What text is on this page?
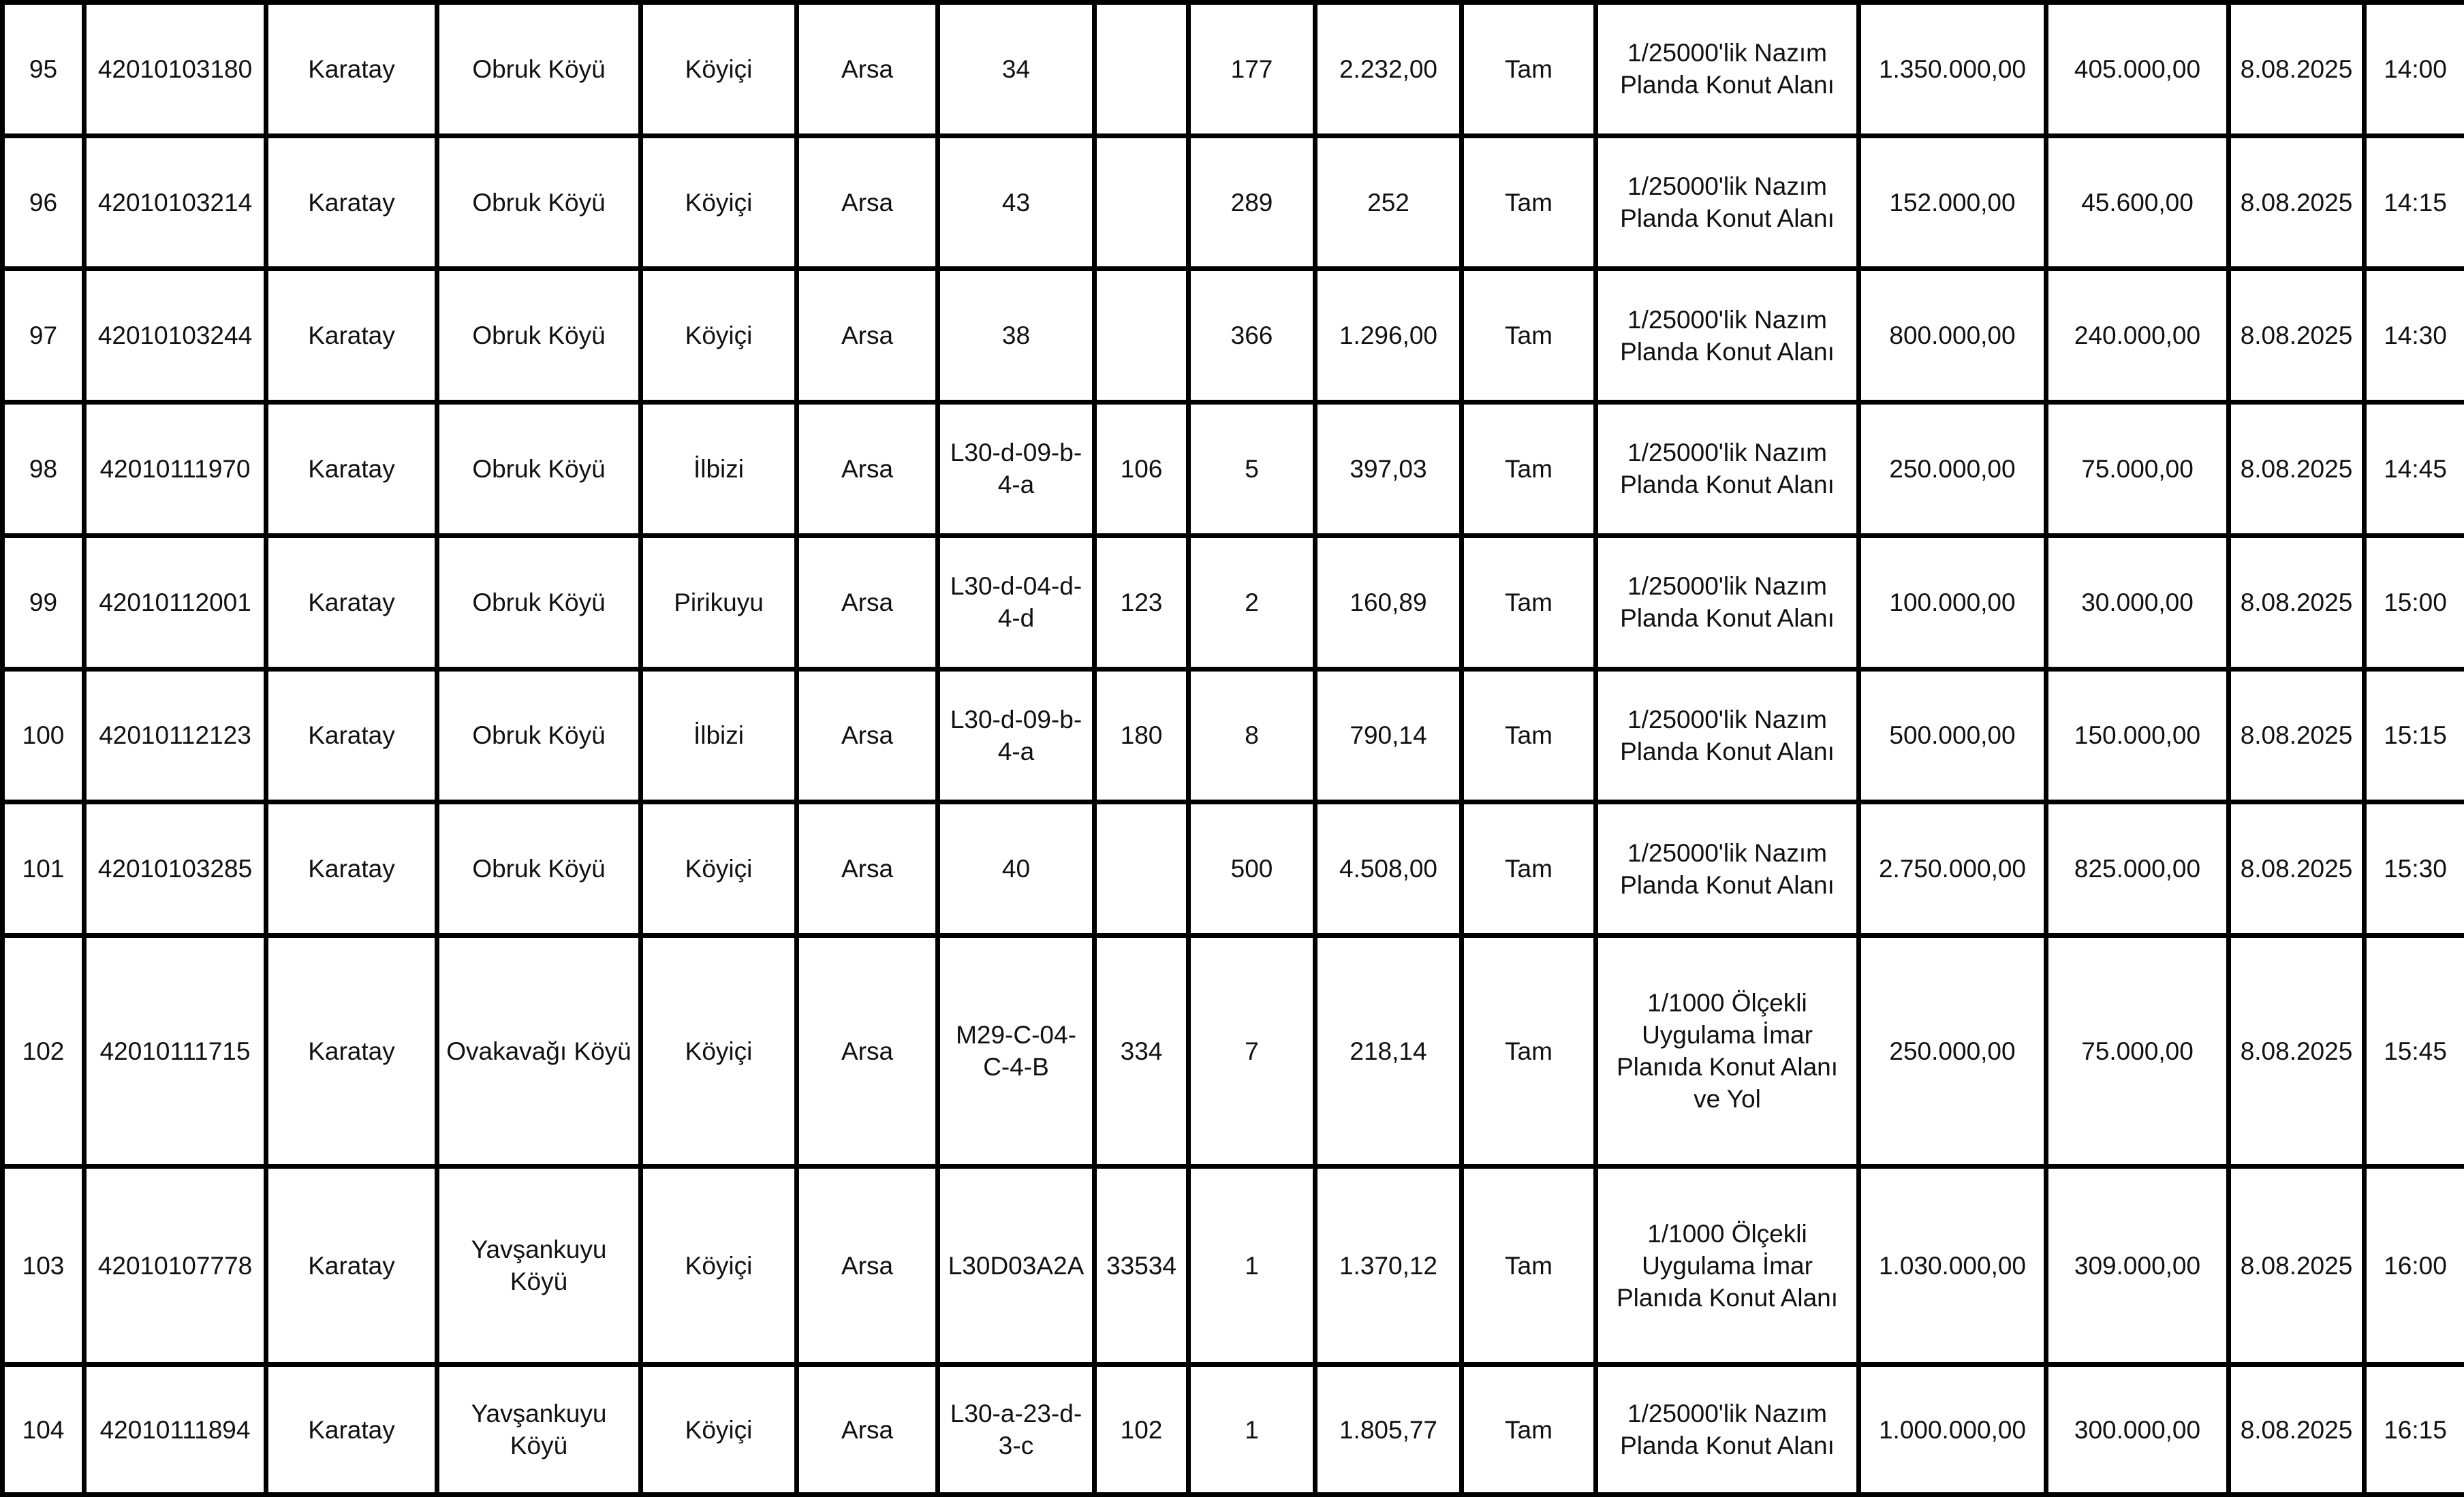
95	42010103180	Karatay	Obruk Köyü	Köyiçi	Arsa	34		177	2.232,00	Tam	1/25000'lik Nazım Planda Konut Alanı	1.350.000,00	405.000,00	8.08.2025	14:00
96	42010103214	Karatay	Obruk Köyü	Köyiçi	Arsa	43		289	252	Tam	1/25000'lik Nazım Planda Konut Alanı	152.000,00	45.600,00	8.08.2025	14:15
97	42010103244	Karatay	Obruk Köyü	Köyiçi	Arsa	38		366	1.296,00	Tam	1/25000'lik Nazım Planda Konut Alanı	800.000,00	240.000,00	8.08.2025	14:30
98	42010111970	Karatay	Obruk Köyü	İlbizi	Arsa	L30-d-09-b-4-a	106	5	397,03	Tam	1/25000'lik Nazım Planda Konut Alanı	250.000,00	75.000,00	8.08.2025	14:45
99	42010112001	Karatay	Obruk Köyü	Pirikuyu	Arsa	L30-d-04-d-4-d	123	2	160,89	Tam	1/25000'lik Nazım Planda Konut Alanı	100.000,00	30.000,00	8.08.2025	15:00
100	42010112123	Karatay	Obruk Köyü	İlbizi	Arsa	L30-d-09-b-4-a	180	8	790,14	Tam	1/25000'lik Nazım Planda Konut Alanı	500.000,00	150.000,00	8.08.2025	15:15
101	42010103285	Karatay	Obruk Köyü	Köyiçi	Arsa	40		500	4.508,00	Tam	1/25000'lik Nazım Planda Konut Alanı	2.750.000,00	825.000,00	8.08.2025	15:30
102	42010111715	Karatay	Ovakavağı Köyü	Köyiçi	Arsa	M29-C-04-C-4-B	334	7	218,14	Tam	1/1000 Ölçekli Uygulama İmar Planıda Konut Alanı ve Yol	250.000,00	75.000,00	8.08.2025	15:45
103	42010107778	Karatay	Yavşankuyu Köyü	Köyiçi	Arsa	L30D03A2A	33534	1	1.370,12	Tam	1/1000 Ölçekli Uygulama İmar Planıda Konut Alanı	1.030.000,00	309.000,00	8.08.2025	16:00
104	42010111894	Karatay	Yavşankuyu Köyü	Köyiçi	Arsa	L30-a-23-d-3-c	102	1	1.805,77	Tam	1/25000'lik Nazım Planda Konut Alanı	1.000.000,00	300.000,00	8.08.2025	16:15
